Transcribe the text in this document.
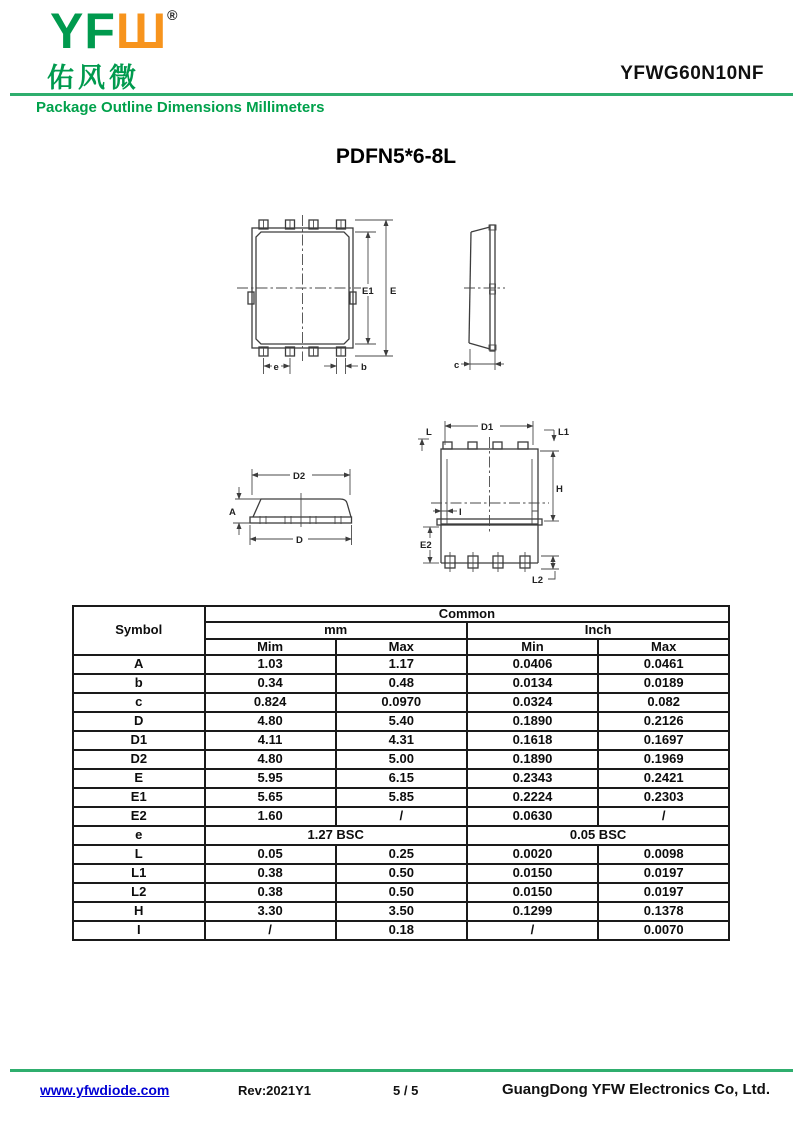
YFШ®
佑风微	YFWG60N10NF
Package Outline Dimensions Millimeters
PDFN5*6-8L
E1 E
e	b	c
D2
A
D
D1
L	L1
H
I
E2
L2
Symbol	Common			
	mm		Inch	
	Mim	Max	Min	Max
A	1.03	1.17	0.0406	0.0461
b	0.34	0.48	0.0134	0.0189
c	0.824	0.0970	0.0324	0.082
D	4.80	5.40	0.1890	0.2126
D1	4.11	4.31	0.1618	0.1697
D2	4.80	5.00	0.1890	0.1969
E	5.95	6.15	0.2343	0.2421
E1	5.65	5.85	0.2224	0.2303
E2	1.60	/	0.0630	/
e	1.27 BSC		0.05 BSC	
L	0.05	0.25	0.0020	0.0098
L1	0.38	0.50	0.0150	0.0197
L2	0.38	0.50	0.0150	0.0197
H	3.30	3.50	0.1299	0.1378
I	/	0.18	/	0.0070
www.yfwdiode.com	Rev:2021Y1	5 / 5	GuangDong YFW Electronics Co, Ltd.
